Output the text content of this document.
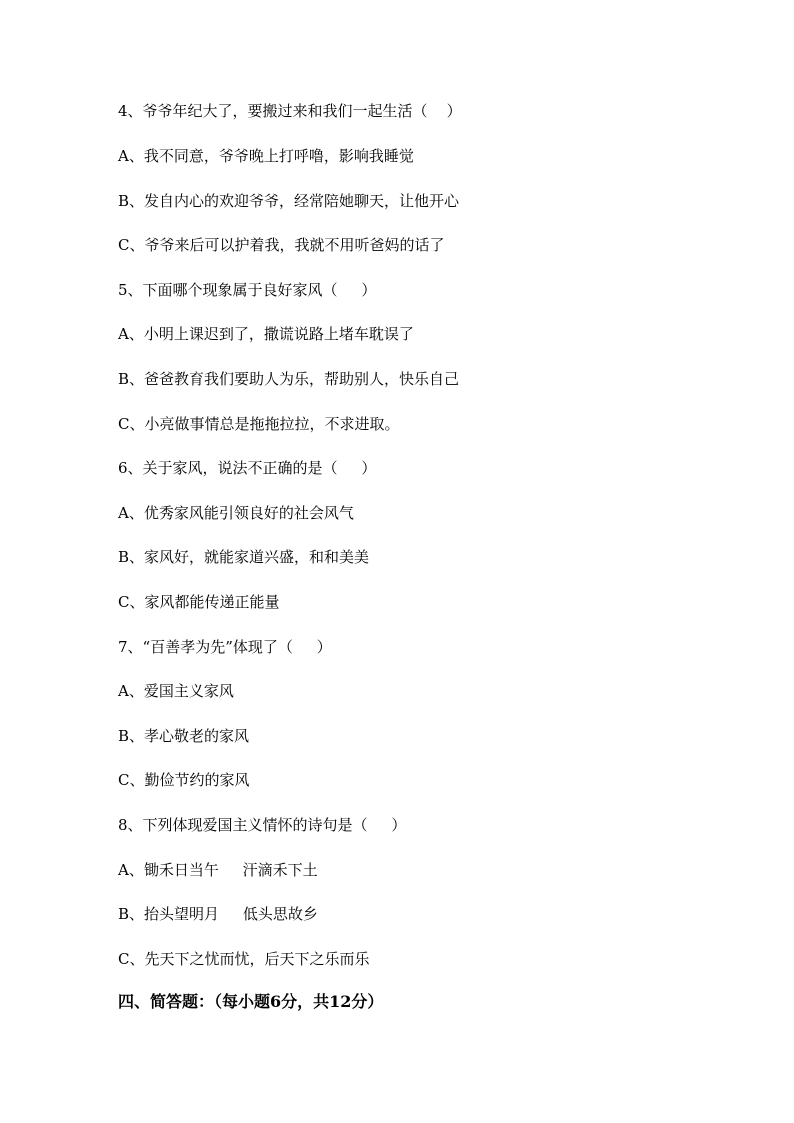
4、爷爷年纪大了，要搬过来和我们一起生活（    ）
A、我不同意，爷爷晚上打呼噜，影响我睡觉
B、发自内心的欢迎爷爷，经常陪她聊天，让他开心
C、爷爷来后可以护着我，我就不用听爸妈的话了
5、下面哪个现象属于良好家风（     ）
A、小明上课迟到了，撒谎说路上堵车耽误了
B、爸爸教育我们要助人为乐，帮助别人，快乐自己
C、小亮做事情总是拖拖拉拉，不求进取。
6、关于家风，说法不正确的是（     ）
A、优秀家风能引领良好的社会风气
B、家风好，就能家道兴盛，和和美美
C、家风都能传递正能量
7、“百善孝为先”体现了（     ）
A、爱国主义家风
B、孝心敬老的家风
C、勤俭节约的家风
8、下列体现爱国主义情怀的诗句是（     ）
A、锄禾日当午     汗滴禾下土
B、抬头望明月     低头思故乡
C、先天下之忧而忧，后天下之乐而乐
四、简答题：（每小题6分，共12分）
